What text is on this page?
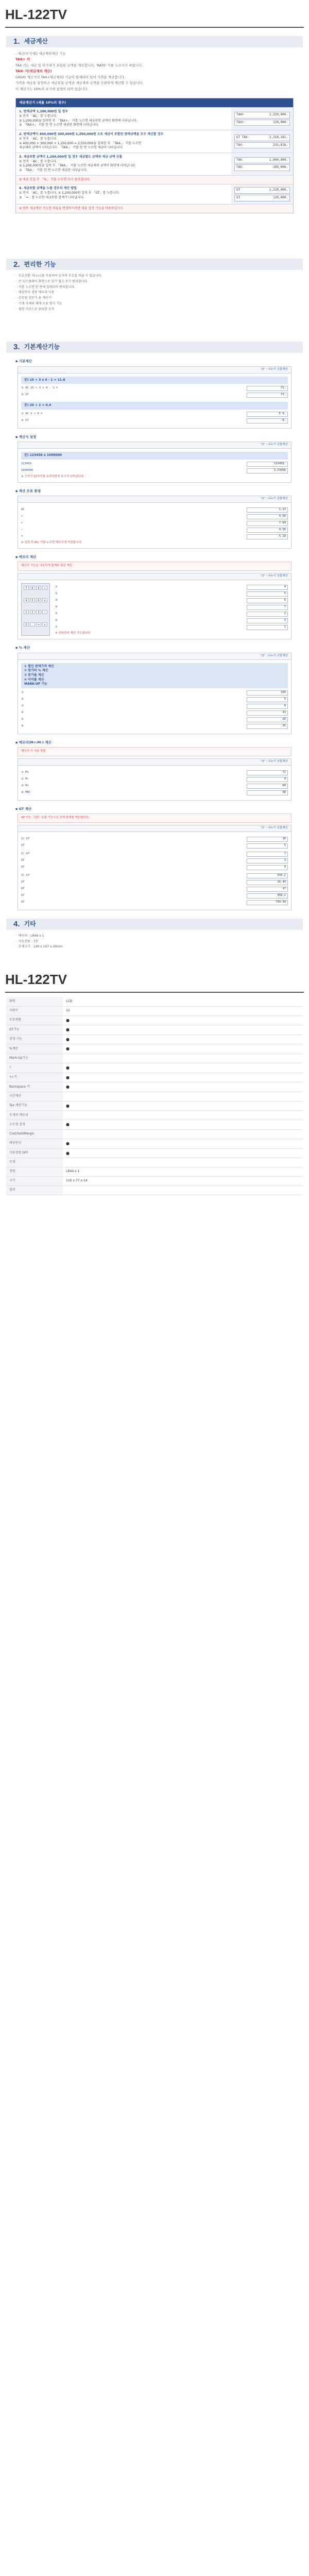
HL-122TV
1. 세금계산
- 세금(부가세)/ 세금제외계산 기능
TAX+ 키
TAX 키는 세금 및 부가세가 포함된 금액을 계산합니다. 'RATE' 키를 누르시기 바랍니다.
TAX- 키(세금제외 계산)
CASIO 계산기의 TAX-(세금제외) 기능이 탑재되어 있어 가격을 계산합니다.
가격을 세금을 설정하고 세금포함 금액과 세금제외 금액을 간편하게 계산할 수 있습니다.
이 계산기는 10%의 부가세 설정이 되어 있습니다.
세금계산기 (세율 10%의 경우)
1. 판매금액 1,200,000원 일 경우
① 먼저 「AC」를 누릅니다.
② 1,200,000을 입력한 후 「TAX+」 키를 누르면 세금포함 금액이 화면에 나타납니다.
③ 「TAX+」 키를 한 번 누르면 세금만 화면에 나타납니다.
TAX+	1,320,000.
TAX+	120,000.
2. 판매금액이 400,000원 300,000원 1,250,000원 으로 세금이 포함된 판매금액을 모두 계산할 경우
① 먼저 「AC」를 누릅니다.
② 400,000 + 300,000 + 1,250,000 = 2,550,000을 입력한 후 「TAX-」 키를 누르면
세금제외 금액이 나타납니다. 「TAX-」 키를 한 번 누르면 세금이 나타납니다.
GT TAX-	2,318,181.
TAX-	231,818.
3. 세금포함 금액이 1,200,000원 일 경우 세금별도 금액과 세금 금액 산출
① 먼저 「AC」를 누릅니다.
② 1,200,000원을 입력 후 「TAX-」 키를 누르면 세금제외 금액이 화면에 나타납니다.
③ 「TAX-」 키를 한 번 누르면 세금만 나타납니다.
TAX-	1,090,909.
TAX-	109,090.
※ 세금 산출 후 「%」 키를 누르면 다시 돌아갑니다.
4. 세금포함 금액을 누를 경우의 계산 방법
① 먼저 「AC」를 누릅니다. ② 1,200,000원 입력 후 「GT」를 누릅니다.
③ 「=」를 누르면 세금포함 합계가 나타납니다.
GT	1,320,000.
GT	120,000.
※ 연속 세금계산 가능한 세율을 변경하시려면 세율 설정 기능을 이용하십시오.
2. 편리한 기능
· 부호전환 키(+/-)를 사용하여 숫자의 부호를 바꿀 수 있습니다.
· 큰 디스플레이 화면으로 읽기 쉽고 보기 편리합니다.
· 키를 누르면 한 번에 입력되어 편리합니다.
· 태양전지 겸용 배터리 사용
· 공무원 전문가 용 계산기
· 기계 자체의 체계 오류 방지 기능
· 평면 키보드로 편리한 조작
3. 기본계산기능
▪ 기본계산
"2" : 나누기 선불계산
문) 15 + 3 x 4 - 1 = 11.6
① AC 15 + 3 x 4 - 1 =	71.
② GT	71.
문) 20 + 2 = 0.4
① AC 2 ÷ 0 =	E 0.
② GT	-8.
▪ 계산식 설정
"2" : 나누기 선불계산
문) 123456 x 1000000
123456	123456.
1000000	1.23456
※ 숫자가 12자리를 초과하면 E 표시가 나타납니다.
▪ 계산 오류 발생
"2" : 나누기 선불계산
AC	1.23
+	4.56
+	7.89
−	4.56
=	5.10
※ 입력 후 M+ 키를 누르면 메모리에 저장됩니다.
▪ 메모리 계산
메모리 기능을 사용하여 합계와 평균 계산
"2" : 나누기 선불계산
7	8	9	÷
4	5	6	×
1	2	3	−
0	.	=	+
①	4
②	5
③	6
④	7
⑤	2
⑥	3
⑦	1
※ 연속하여 계산 가능합니다.
▪ % 계산
"2" : 나누기 선불계산
① 할인 판매가격 계산
② 원가의 % 계산
③ 증가율 계산
④ 이익률 계산
MARK-UP 기능
①	100
②	5
③	8
④	43
⑤	20
⑥	35
▪ 메모리(M+/M-) 계산
메모리 키 사용 방법
"2" : 나누기 선불계산
① M+	72
② M−	9
③ M+	60
④ MRC	98
▪ GT 계산
GT 키는 그랜드 토탈 기능으로 전체 합계를 계산합니다.
"2" : 나누기 선불계산
1) GT	16
GT	5
2) GT	7
GT	2
GT	9
3) GT	934.2
GT	16.49
GT	17
GT	958.2
GT	799.99
4. 기타
· 배터리 : LR44 x 1
· 자동전원 : 7분
· 본체크기 : 140 x 107 x 20mm
HL-122TV
화면	LCD
자릿수	12
부호변환	●
GT기능	●
정정 기능	●
%계산	●
Mark-Up기능	
√	●
+/-키	●
Backspace 키	●
시간계산	
Tax 계산기능	●
두개의 메모리	
소수점 설정	●
Cost/Sell/Margin	
태양전지	●
자동전원 OFF	●
무게	
전원	LR44 x 1
크기	110 x 77 x 14
컬러	
